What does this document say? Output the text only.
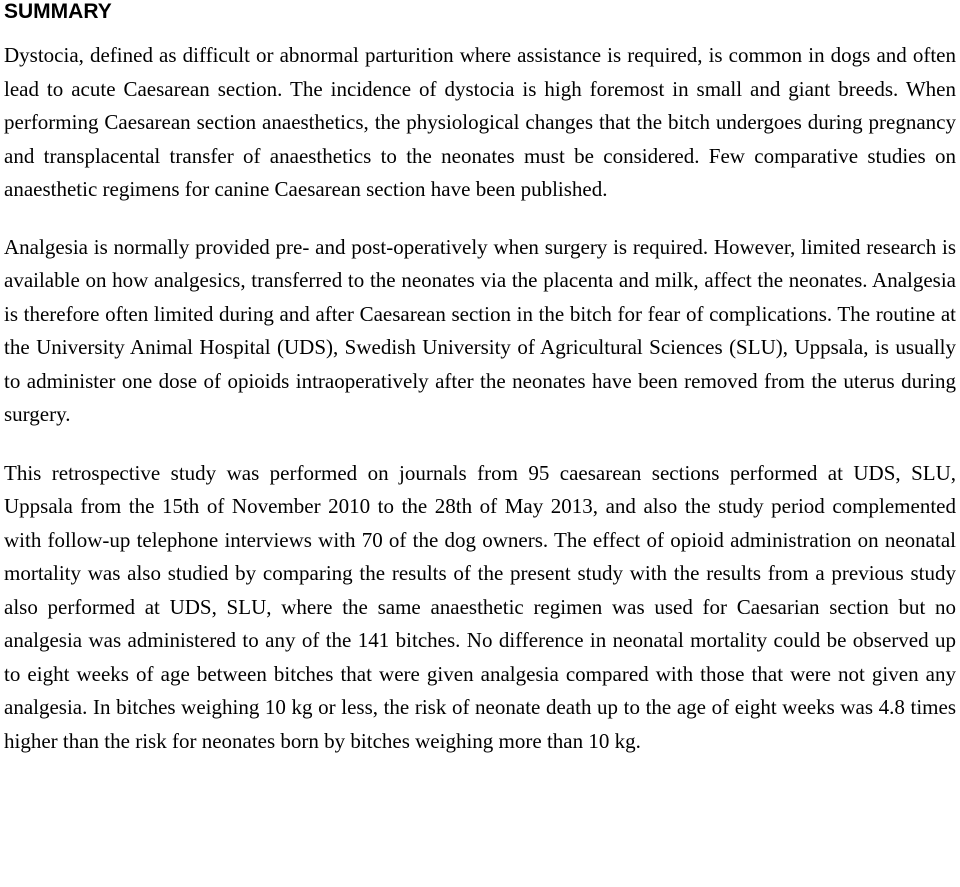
SUMMARY

Dystocia, defined as difficult or abnormal parturition where assistance is required, is common in dogs and often lead to acute Caesarean section. The incidence of dystocia is high foremost in small and giant breeds. When performing Caesarean section anaesthetics, the physiological changes that the bitch undergoes during pregnancy and transplacental transfer of anaesthetics to the neonates must be considered. Few comparative studies on anaesthetic regimens for canine Caesarean section have been published.

Analgesia is normally provided pre- and post-operatively when surgery is required. However, limited research is available on how analgesics, transferred to the neonates via the placenta and milk, affect the neonates. Analgesia is therefore often limited during and after Caesarean section in the bitch for fear of complications. The routine at the University Animal Hospital (UDS), Swedish University of Agricultural Sciences (SLU), Uppsala, is usually to administer one dose of opioids intraoperatively after the neonates have been removed from the uterus during surgery.

This retrospective study was performed on journals from 95 caesarean sections performed at UDS, SLU, Uppsala from the 15th of November 2010 to the 28th of May 2013, and also the study period complemented with follow-up telephone interviews with 70 of the dog owners. The effect of opioid administration on neonatal mortality was also studied by comparing the results of the present study with the results from a previous study also performed at UDS, SLU, where the same anaesthetic regimen was used for Caesarian section but no analgesia was administered to any of the 141 bitches. No difference in neonatal mortality could be observed up to eight weeks of age between bitches that were given analgesia compared with those that were not given any analgesia. In bitches weighing 10 kg or less, the risk of neonate death up to the age of eight weeks was 4.8 times higher than the risk for neonates born by bitches weighing more than 10 kg.
